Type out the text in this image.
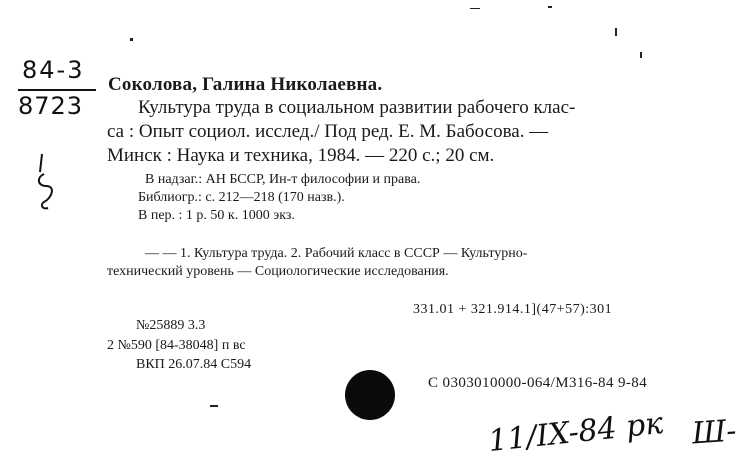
84-3
8723
Соколова, Галина Николаевна.
Культура труда в социальном развитии рабочего клас-
са : Опыт социол. исслед./ Под ред. Е. М. Бабосова. —
Минск : Наука и техника, 1984. — 220 с.; 20 см.
В надзаг.: АН БССР, Ин-т философии и права.
Библиогр.: с. 212—218 (170 назв.).
В пер. : 1 р. 50 к. 1000 экз.
— — 1. Культура труда. 2. Рабочий класс в СССР — Культурно-
технический уровень — Социологические исследования.
331.01 + 321.914.1](47+57):301
№25889 3.3
2 №590 [84-38048] п вс
ВКП 26.07.84 С594
С 0303010000-064/М316-84 9-84
11/IX-84 рк Ш-
